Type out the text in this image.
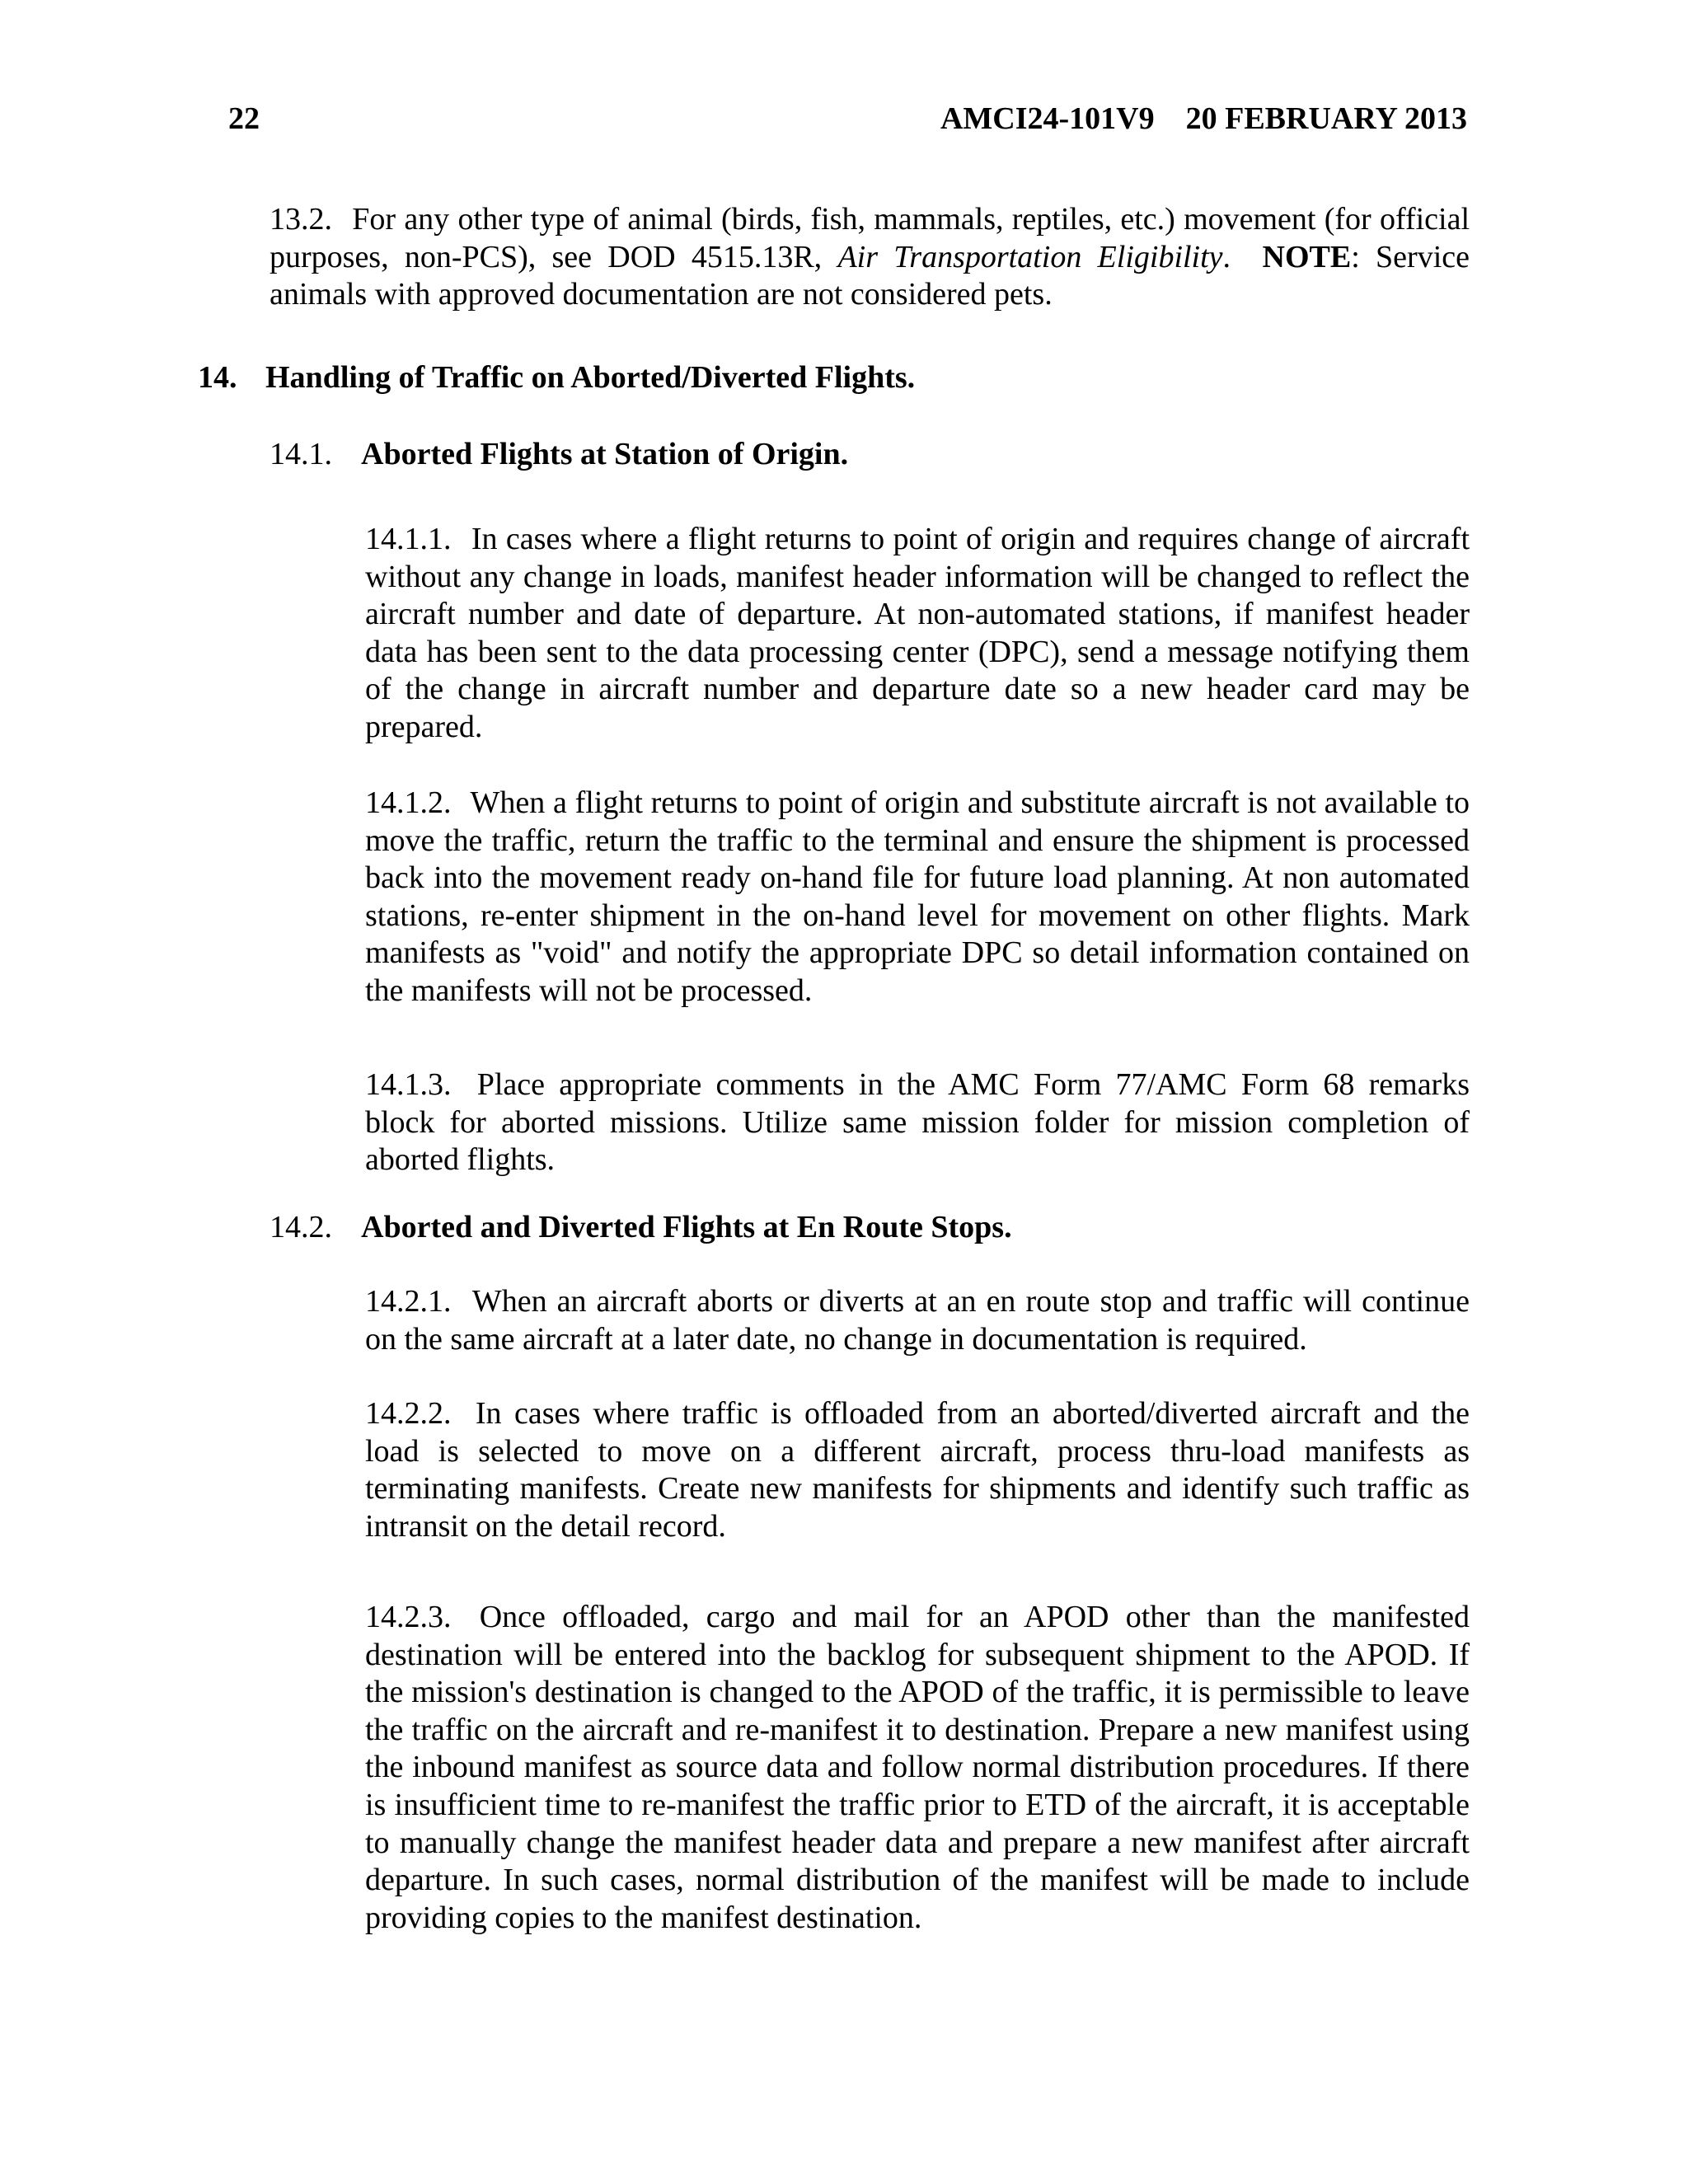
22	AMCI24-101V9    20 FEBRUARY 2013
13.2. For any other type of animal (birds, fish, mammals, reptiles, etc.) movement (for official purposes, non-PCS), see DOD 4515.13R, Air Transportation Eligibility. NOTE: Service animals with approved documentation are not considered pets.
14. Handling of Traffic on Aborted/Diverted Flights.
14.1. Aborted Flights at Station of Origin.
14.1.1. In cases where a flight returns to point of origin and requires change of aircraft without any change in loads, manifest header information will be changed to reflect the aircraft number and date of departure. At non-automated stations, if manifest header data has been sent to the data processing center (DPC), send a message notifying them of the change in aircraft number and departure date so a new header card may be prepared.
14.1.2. When a flight returns to point of origin and substitute aircraft is not available to move the traffic, return the traffic to the terminal and ensure the shipment is processed back into the movement ready on-hand file for future load planning. At non automated stations, re-enter shipment in the on-hand level for movement on other flights. Mark manifests as "void" and notify the appropriate DPC so detail information contained on the manifests will not be processed.
14.1.3. Place appropriate comments in the AMC Form 77/AMC Form 68 remarks block for aborted missions. Utilize same mission folder for mission completion of aborted flights.
14.2. Aborted and Diverted Flights at En Route Stops.
14.2.1. When an aircraft aborts or diverts at an en route stop and traffic will continue on the same aircraft at a later date, no change in documentation is required.
14.2.2. In cases where traffic is offloaded from an aborted/diverted aircraft and the load is selected to move on a different aircraft, process thru-load manifests as terminating manifests. Create new manifests for shipments and identify such traffic as intransit on the detail record.
14.2.3. Once offloaded, cargo and mail for an APOD other than the manifested destination will be entered into the backlog for subsequent shipment to the APOD. If the mission's destination is changed to the APOD of the traffic, it is permissible to leave the traffic on the aircraft and re-manifest it to destination. Prepare a new manifest using the inbound manifest as source data and follow normal distribution procedures. If there is insufficient time to re-manifest the traffic prior to ETD of the aircraft, it is acceptable to manually change the manifest header data and prepare a new manifest after aircraft departure. In such cases, normal distribution of the manifest will be made to include providing copies to the manifest destination.
